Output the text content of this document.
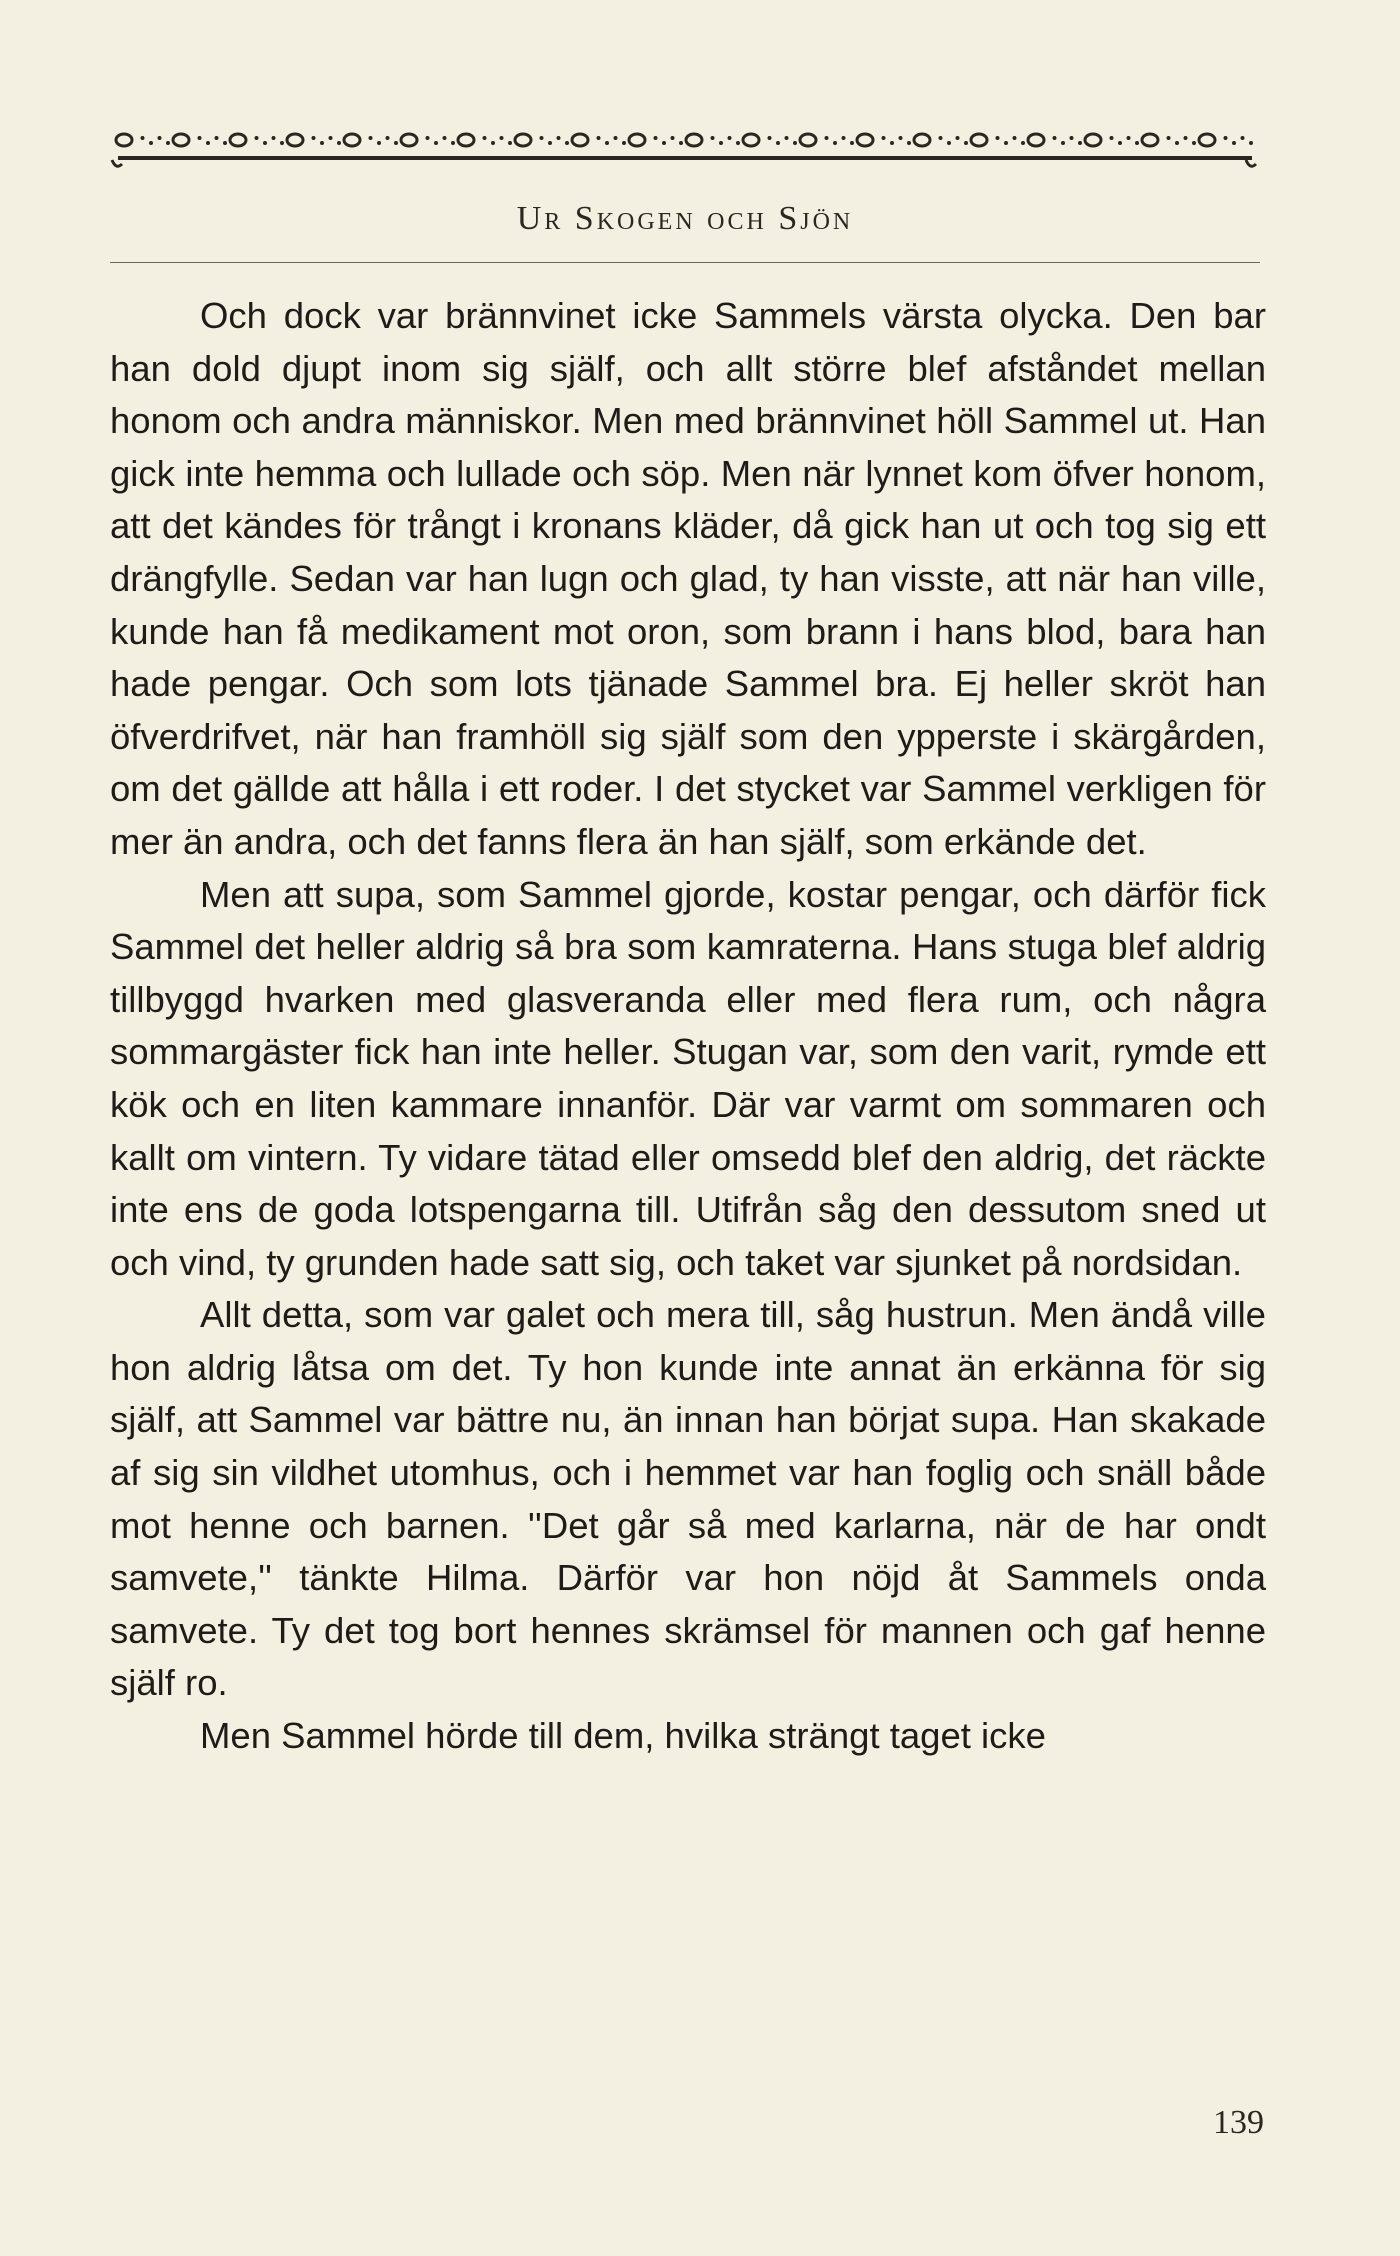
Ur Skogen och Sjön

Och dock var brännvinet icke Sammels värsta olycka. Den bar han dold djupt inom sig själf, och allt större blef afståndet mellan honom och andra människor. Men med brännvinet höll Sammel ut. Han gick inte hemma och lullade och söp. Men när lynnet kom öfver honom, att det kändes för trångt i kronans kläder, då gick han ut och tog sig ett drängfylle. Sedan var han lugn och glad, ty han visste, att när han ville, kunde han få medikament mot oron, som brann i hans blod, bara han hade pengar. Och som lots tjänade Sammel bra. Ej heller skröt han öfverdrifvet, när han framhöll sig själf som den ypperste i skärgården, om det gällde att hålla i ett roder. I det stycket var Sammel verkligen för mer än andra, och det fanns flera än han själf, som erkände det.

Men att supa, som Sammel gjorde, kostar pengar, och därför fick Sammel det heller aldrig så bra som kamraterna. Hans stuga blef aldrig tillbyggd hvarken med glasveranda eller med flera rum, och några sommargäster fick han inte heller. Stugan var, som den varit, rymde ett kök och en liten kammare innanför. Där var varmt om sommaren och kallt om vintern. Ty vidare tätad eller omsedd blef den aldrig, det räckte inte ens de goda lotspengarna till. Utifrån såg den dessutom sned ut och vind, ty grunden hade satt sig, och taket var sjunket på nordsidan.

Allt detta, som var galet och mera till, såg hustrun. Men ändå ville hon aldrig låtsa om det. Ty hon kunde inte annat än erkänna för sig själf, att Sammel var bättre nu, än innan han börjat supa. Han skakade af sig sin vildhet utomhus, och i hemmet var han foglig och snäll både mot henne och barnen. ''Det går så med karlarna, när de har ondt samvete,'' tänkte Hilma. Därför var hon nöjd åt Sammels onda samvete. Ty det tog bort hennes skrämsel för mannen och gaf henne själf ro.

Men Sammel hörde till dem, hvilka strängt taget icke

139
